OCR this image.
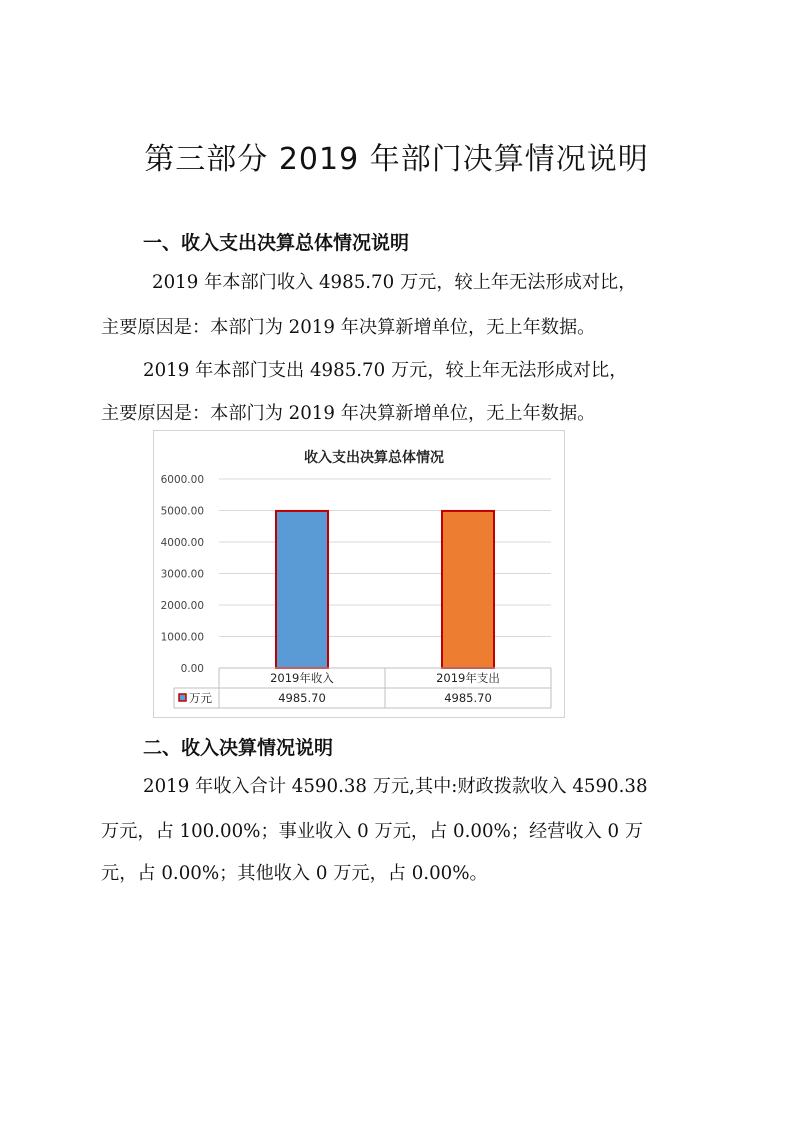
第三部分 2019 年部门决算情况说明
一、收入支出决算总体情况说明
2019 年本部门收入 4985.70 万元，较上年无法形成对比，
主要原因是：本部门为 2019 年决算新增单位，无上年数据。
2019 年本部门支出 4985.70 万元，较上年无法形成对比，
主要原因是：本部门为 2019 年决算新增单位，无上年数据。
收入支出决算总体情况
0.00
1000.00
2000.00
3000.00
4000.00
5000.00
6000.00
2019年收入
4985.70
2019年支出
4985.70
万元
二、收入决算情况说明
2019 年收入合计 4590.38 万元,其中:财政拨款收入 4590.38
万元，占 100.00%；事业收入 0 万元，占 0.00%；经营收入 0 万
元，占 0.00%；其他收入 0 万元，占 0.00%。
